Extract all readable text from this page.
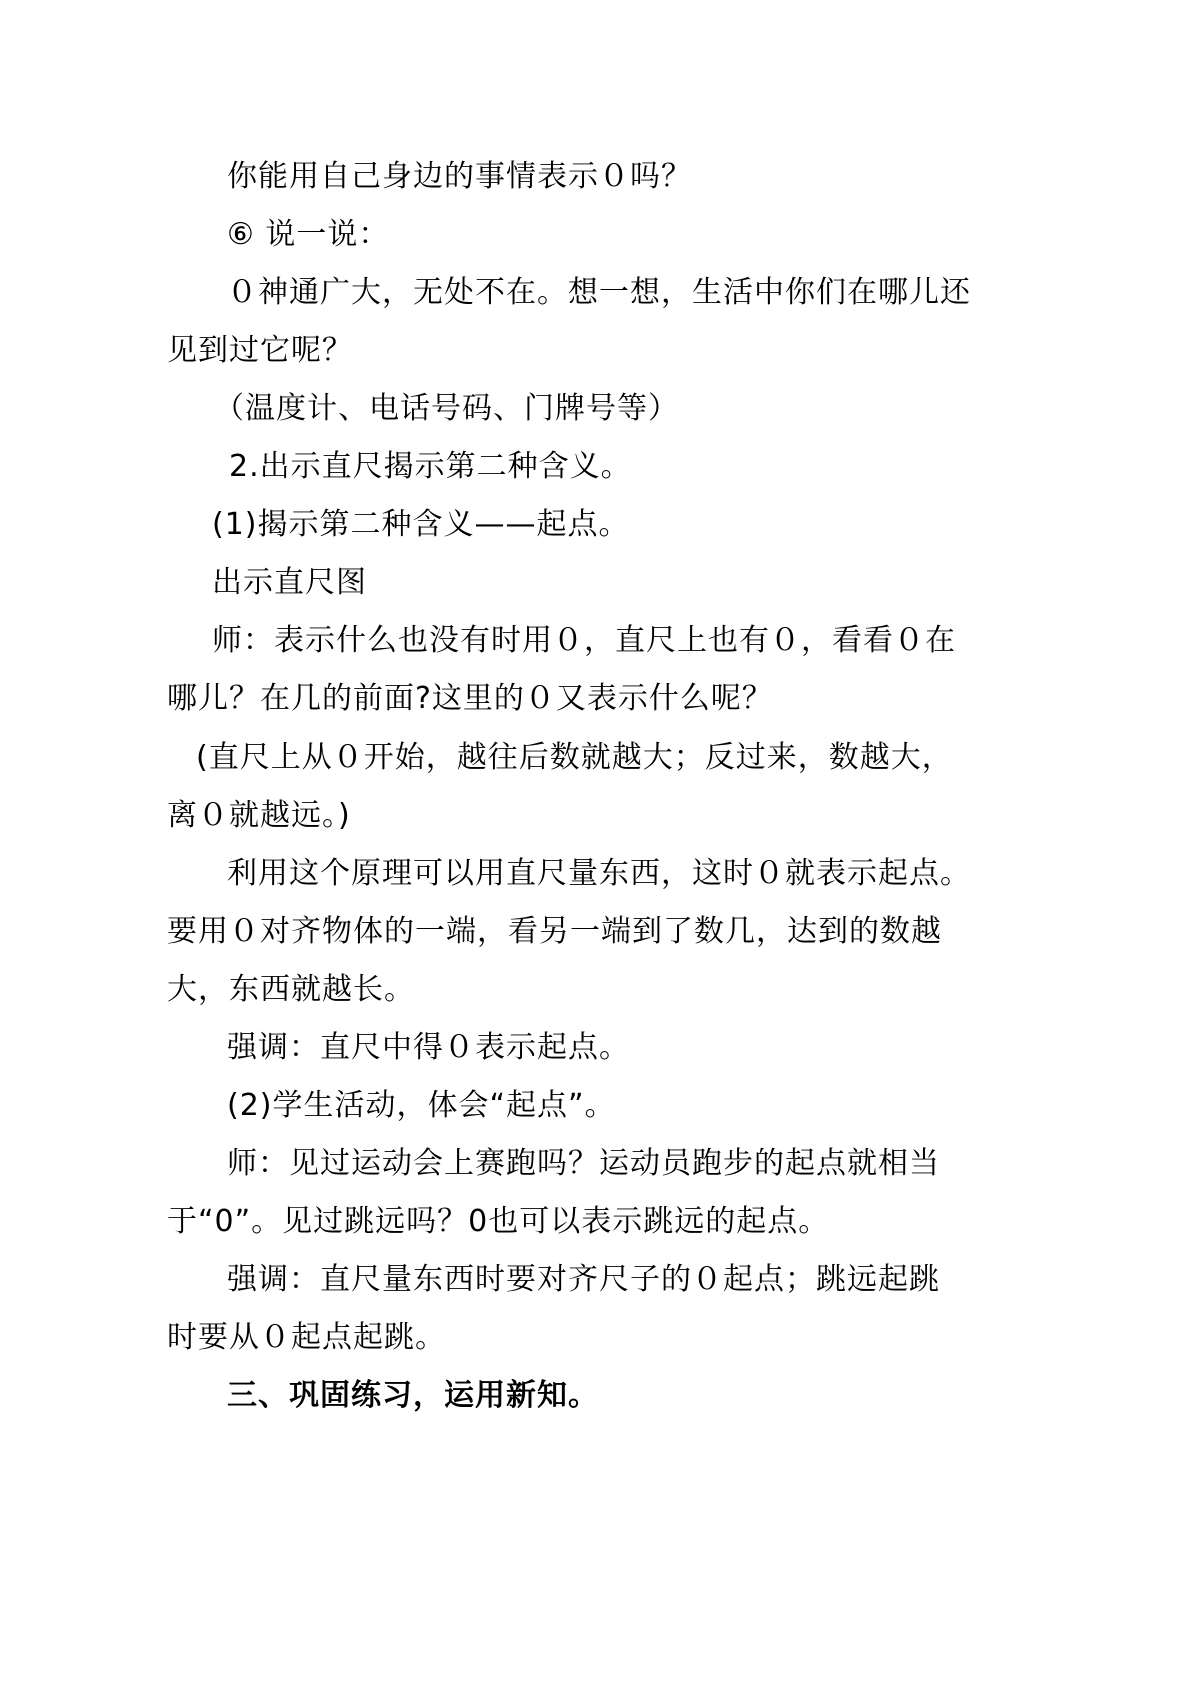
你能用自己身边的事情表示０吗？
⑥ 说一说：
０神通广大，无处不在。想一想，生活中你们在哪儿还
见到过它呢？
（温度计、电话号码、门牌号等）
2.出示直尺揭示第二种含义。
(1)揭示第二种含义——起点。
出示直尺图
师：表示什么也没有时用０，直尺上也有０，看看０在
哪儿？在几的前面?这里的０又表示什么呢？
(直尺上从０开始，越往后数就越大；反过来，数越大，
离０就越远。)
利用这个原理可以用直尺量东西，这时０就表示起点。
要用０对齐物体的一端，看另一端到了数几，达到的数越
大，东西就越长。
强调：直尺中得０表示起点。
(2)学生活动，体会“起点”。
师：见过运动会上赛跑吗？运动员跑步的起点就相当
于“0”。见过跳远吗？0也可以表示跳远的起点。
强调：直尺量东西时要对齐尺子的０起点；跳远起跳
时要从０起点起跳。
三、巩固练习，运用新知。
